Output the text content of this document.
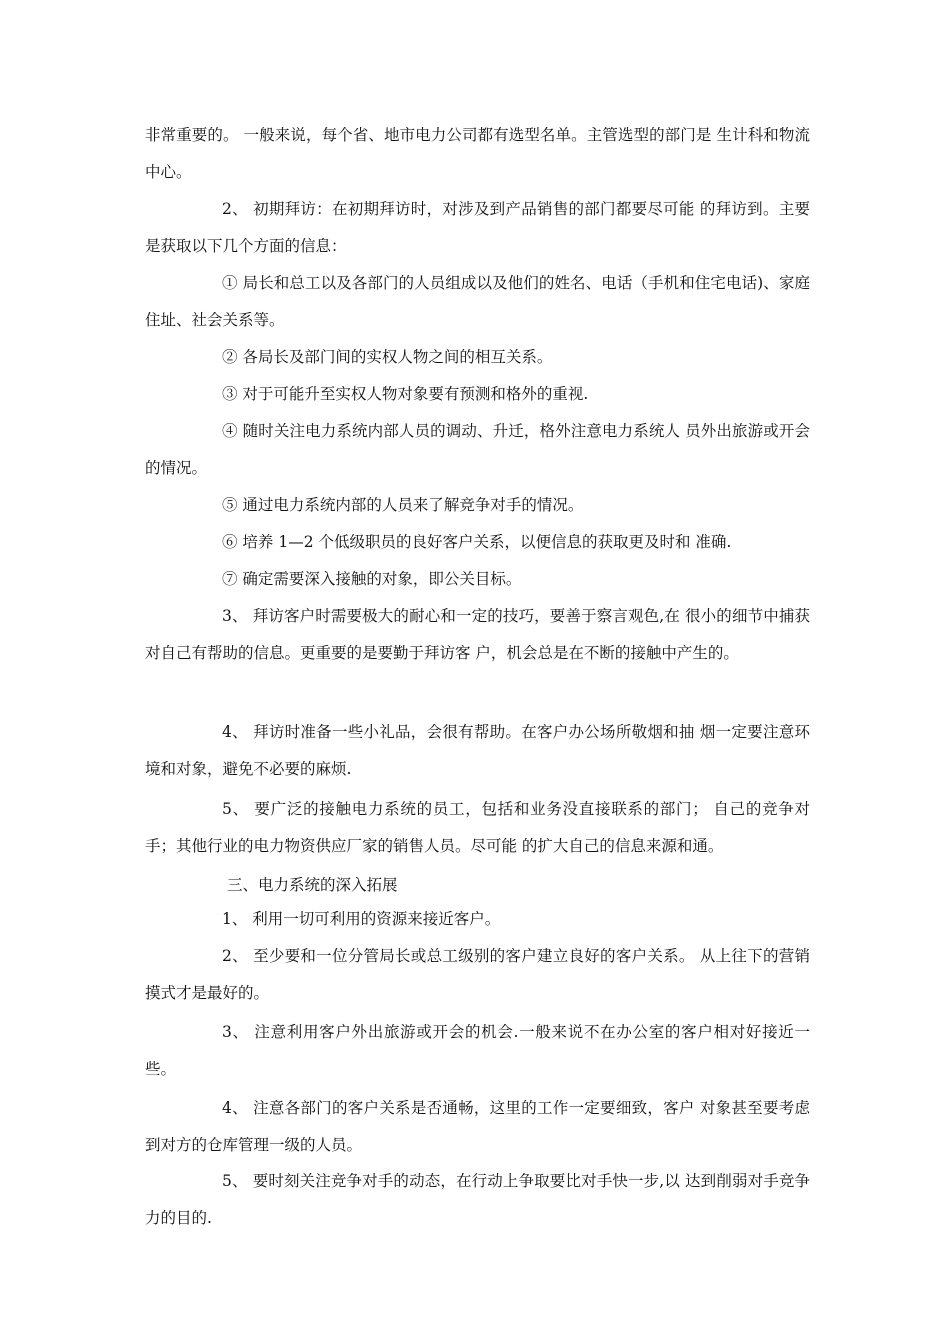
非常重要的。 一般来说，每个省、地市电力公司都有选型名单。主管选型的部门是 生计科和物流中心。

2、 初期拜访：在初期拜访时，对涉及到产品销售的部门都要尽可能 的拜访到。主要是获取以下几个方面的信息：

① 局长和总工以及各部门的人员组成以及他们的姓名、电话（手机和住宅电话)、家庭住址、社会关系等。

② 各局长及部门间的实权人物之间的相互关系。

③ 对于可能升至实权人物对象要有预测和格外的重视.

④ 随时关注电力系统内部人员的调动、升迁，格外注意电力系统人 员外出旅游或开会的情况。

⑤ 通过电力系统内部的人员来了解竞争对手的情况。

⑥ 培养 1—2 个低级职员的良好客户关系，以便信息的获取更及时和 准确.

⑦ 确定需要深入接触的对象，即公关目标。

3、 拜访客户时需要极大的耐心和一定的技巧，要善于察言观色,在 很小的细节中捕获对自己有帮助的信息。更重要的是要勤于拜访客 户，机会总是在不断的接触中产生的。

4、 拜访时准备一些小礼品，会很有帮助。在客户办公场所敬烟和抽 烟一定要注意环境和对象，避免不必要的麻烦.

5、 要广泛的接触电力系统的员工，包括和业务没直接联系的部门； 自己的竞争对手；其他行业的电力物资供应厂家的销售人员。尽可能 的扩大自己的信息来源和通。

三、电力系统的深入拓展

1、 利用一切可利用的资源来接近客户。

2、 至少要和一位分管局长或总工级别的客户建立良好的客户关系。 从上往下的营销摸式才是最好的。

3、 注意利用客户外出旅游或开会的机会.一般来说不在办公室的客户相对好接近一些。

4、 注意各部门的客户关系是否通畅，这里的工作一定要细致，客户 对象甚至要考虑到对方的仓库管理一级的人员。

5、 要时刻关注竞争对手的动态，在行动上争取要比对手快一步,以 达到削弱对手竞争力的目的.
